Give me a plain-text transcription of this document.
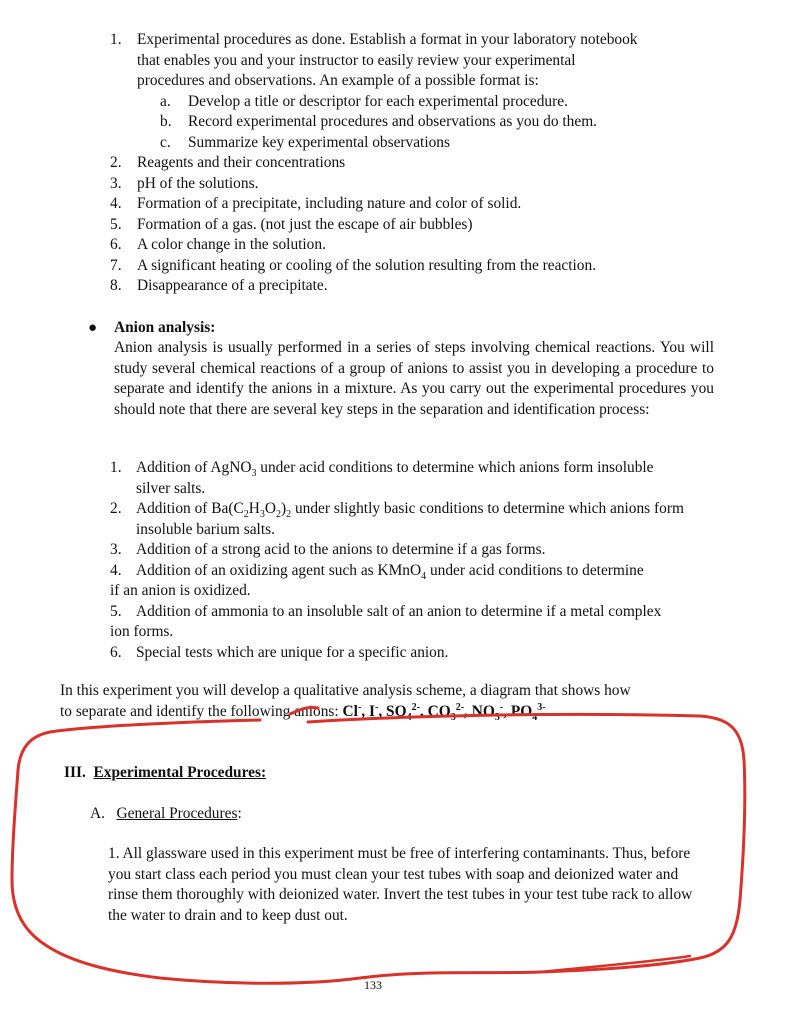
1.	Experimental procedures as done. Establish a format in your laboratory notebook
that enables you and your instructor to easily review your experimental
procedures and observations. An example of a possible format is:
a.	Develop a title or descriptor for each experimental procedure.
b.	Record experimental procedures and observations as you do them.
c.	Summarize key experimental observations
2.	Reagents and their concentrations
3.	pH of the solutions.
4.	Formation of a precipitate, including nature and color of solid.
5.	Formation of a gas. (not just the escape of air bubbles)
6.	A color change in the solution.
7.	A significant heating or cooling of the solution resulting from the reaction.
8.	Disappearance of a precipitate.
● Anion analysis:
Anion analysis is usually performed in a series of steps involving chemical reactions. You will study several chemical reactions of a group of anions to assist you in developing a procedure to separate and identify the anions in a mixture. As you carry out the experimental procedures you should note that there are several key steps in the separation and identification process:
1. Addition of AgNO$_3$ under acid conditions to determine which anions form insoluble silver salts.
2. Addition of $Ba(C_2H_3O_2)_2$ under slightly basic conditions to determine which anions form insoluble barium salts.
3. Addition of a strong acid to the anions to determine if a gas forms.
4. Addition of an oxidizing agent such as KMnO$_4$ under acid conditions to determine if an anion is oxidized.
5. Addition of ammonia to an insoluble salt of an anion to determine if a metal complex ion forms.
6. Special tests which are unique for a specific anion.
In this experiment you will develop a qualitative analysis scheme, a diagram that shows how
to separate and identify the following anions: Cl-, I-, $SO_4^{2-}$, $CO_3^{2-}$, $NO_3^-$, $PO_4^{3-}$
III. Experimental Procedures:
A. General Procedures:
1. All glassware used in this experiment must be free of interfering contaminants. Thus, before you start class each period you must clean your test tubes with soap and deionized water and rinse them thoroughly with deionized water. Invert the test tubes in your test tube rack to allow the water to drain and to keep dust out.
133
